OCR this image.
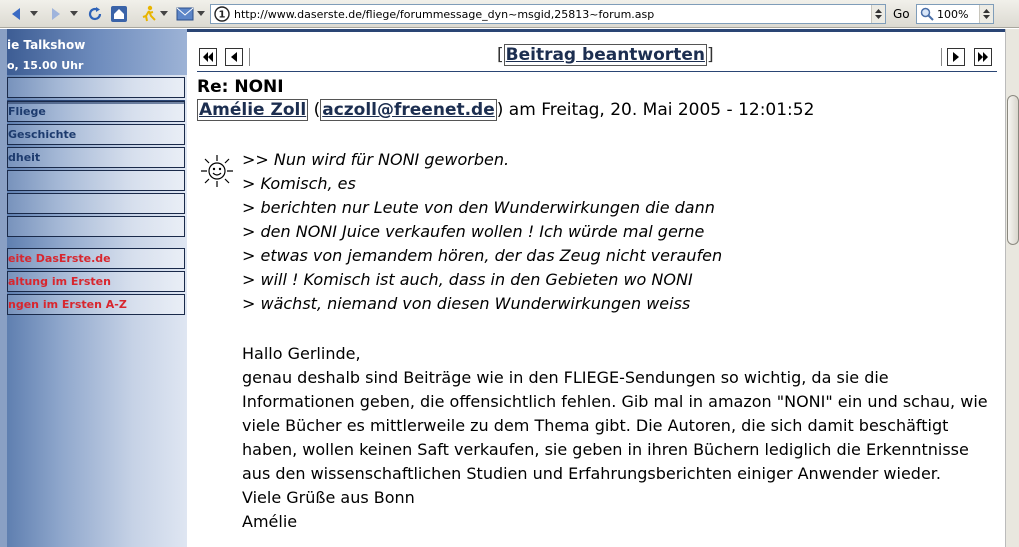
1 http://www.daserste.de/fliege/forummessage_dyn~msgid,25813~forum.asp	Go 100%
ie Talkshow
o, 15.00 Uhr
Fliege
Geschichte
dheit
eite DasErste.de
altung im Ersten
ngen im Ersten A-Z
[ Beitrag beantworten ]
Re: NONI
Amélie Zoll ( aczoll@freenet.de ) am Freitag, 20. Mai 2005 - 12:01:52
>> Nun wird für NONI geworben.
> Komisch, es
> berichten nur Leute von den Wunderwirkungen die dann
> den NONI Juice verkaufen wollen ! Ich würde mal gerne
> etwas von jemandem hören, der das Zeug nicht veraufen
> will ! Komisch ist auch, dass in den Gebieten wo NONI
> wächst, niemand von diesen Wunderwirkungen weiss
Hallo Gerlinde,
genau deshalb sind Beiträge wie in den FLIEGE-Sendungen so wichtig, da sie die
Informationen geben, die offensichtlich fehlen. Gib mal in amazon "NONI" ein und schau, wie
viele Bücher es mittlerweile zu dem Thema gibt. Die Autoren, die sich damit beschäftigt
haben, wollen keinen Saft verkaufen, sie geben in ihren Büchern lediglich die Erkenntnisse
aus den wissenschaftlichen Studien und Erfahrungsberichten einiger Anwender wieder.
Viele Grüße aus Bonn
Amélie
